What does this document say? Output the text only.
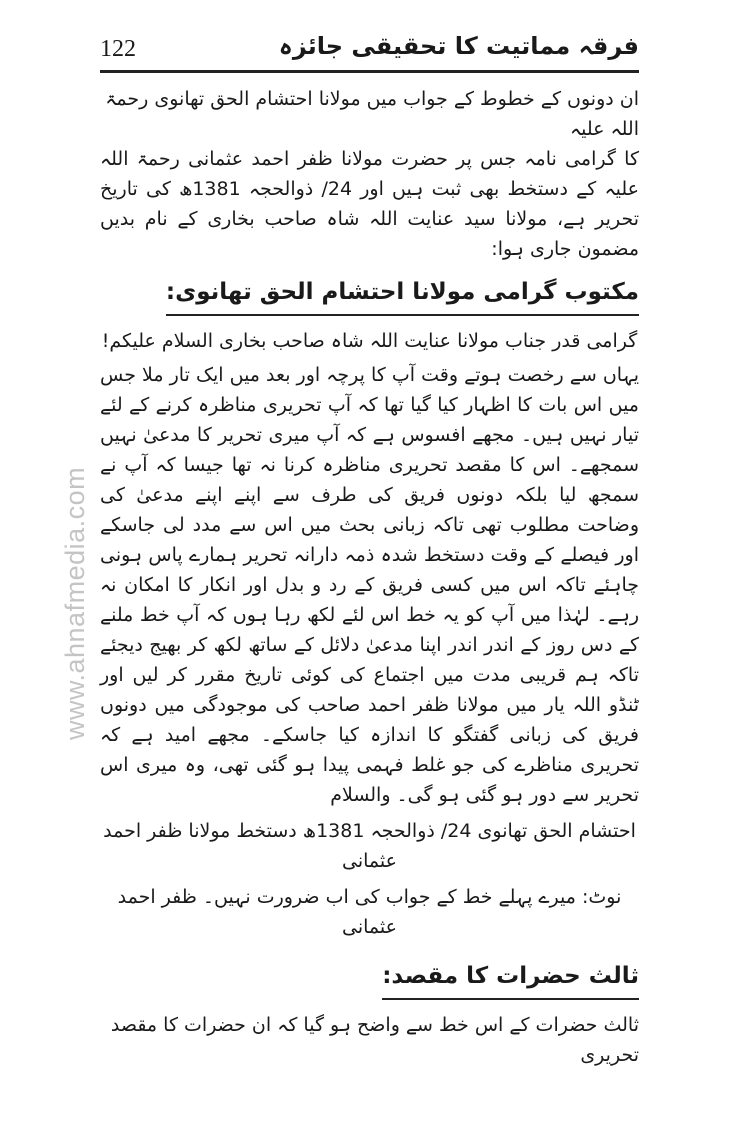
122	فرقہ مماتیت کا تحقیقی جائزہ
www.ahnafmedia.com

ان دونوں کے خطوط کے جواب میں مولانا احتشام الحق تھانوی رحمۃ اللہ علیہ

کا گرامی نامہ جس پر حضرت مولانا ظفر احمد عثمانی رحمۃ اللہ علیہ کے دستخط بھی ثبت ہیں اور 24/ ذوالحجہ 1381ھ کی تاریخ تحریر ہے، مولانا سید عنایت اللہ شاہ صاحب بخاری کے نام بدیں مضمون جاری ہوا:

مکتوب گرامی مولانا احتشام الحق تھانوی:

گرامی قدر جناب مولانا عنایت اللہ شاہ صاحب بخاری السلام علیکم!

یہاں سے رخصت ہوتے وقت آپ کا پرچہ اور بعد میں ایک تار ملا جس میں اس بات کا اظہار کیا گیا تھا کہ آپ تحریری مناظرہ کرنے کے لئے تیار نہیں ہیں۔ مجھے افسوس ہے کہ آپ میری تحریر کا مدعیٰ نہیں سمجھے۔ اس کا مقصد تحریری مناظرہ کرنا نہ تھا جیسا کہ آپ نے سمجھ لیا بلکہ دونوں فریق کی طرف سے اپنے اپنے مدعیٰ کی وضاحت مطلوب تھی تاکہ زبانی بحث میں اس سے مدد لی جاسکے اور فیصلے کے وقت دستخط شدہ ذمہ دارانہ تحریر ہمارے پاس ہونی چاہئے تاکہ اس میں کسی فریق کے رد و بدل اور انکار کا امکان نہ رہے۔ لہٰذا میں آپ کو یہ خط اس لئے لکھ رہا ہوں کہ آپ خط ملنے کے دس روز کے اندر اندر اپنا مدعیٰ دلائل کے ساتھ لکھ کر بھیج دیجئے تاکہ ہم قریبی مدت میں اجتماع کی کوئی تاریخ مقرر کر لیں اور ٹنڈو اللہ یار میں مولانا ظفر احمد صاحب کی موجودگی میں دونوں فریق کی زبانی گفتگو کا اندازہ کیا جاسکے۔ مجھے امید ہے کہ تحریری مناظرے کی جو غلط فہمی پیدا ہو گئی تھی، وہ میری اس تحریر سے دور ہو گئی ہو گی۔ والسلام

احتشام الحق تھانوی 24/ ذوالحجہ 1381ھ دستخط مولانا ظفر احمد عثمانی

نوٹ: میرے پہلے خط کے جواب کی اب ضرورت نہیں۔ ظفر احمد عثمانی

ثالث حضرات کا مقصد:

ثالث حضرات کے اس خط سے واضح ہو گیا کہ ان حضرات کا مقصد تحریری
